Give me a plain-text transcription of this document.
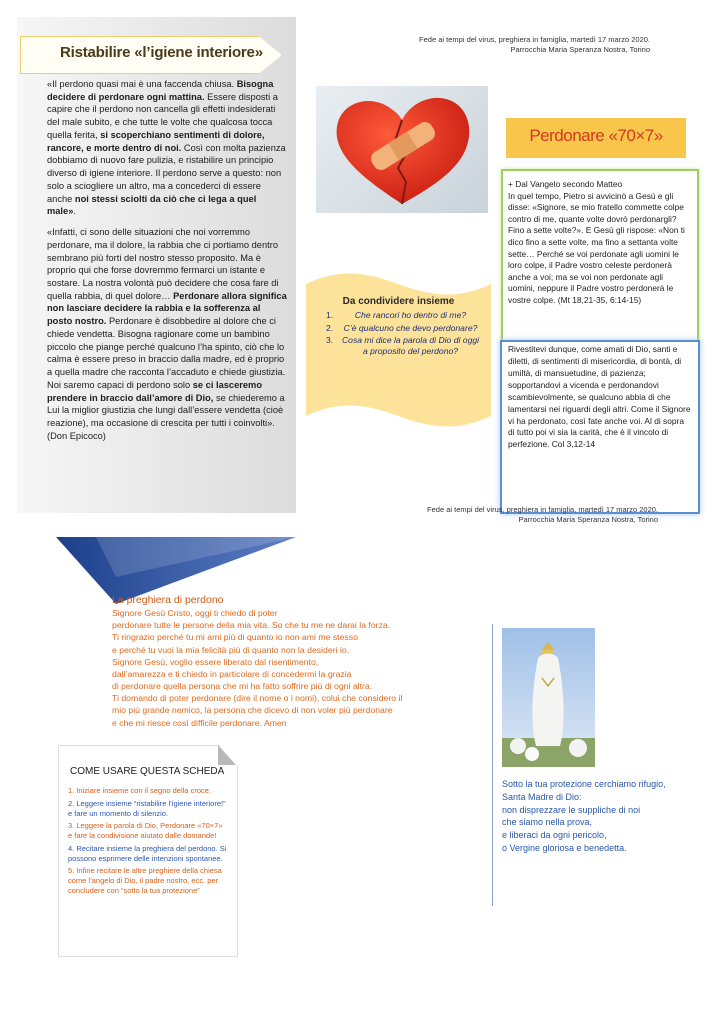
Ristabilire «l’igiene interiore»

«Il perdono quasi mai è una faccenda chiusa. Bisogna decidere di perdonare ogni mattina. Essere disposti a capire che il perdono non cancella gli effetti indesiderati del male subito, e che tutte le volte che qualcosa tocca quella ferita, si scoperchiano sentimenti di dolore, rancore, e morte dentro di noi. Così con molta pazienza dobbiamo di nuovo fare pulizia, e ristabilire un principio diverso di igiene interiore. Il perdono serve a questo: non solo a sciogliere un altro, ma a concederci di essere anche noi stessi sciolti da ciò che ci lega a quel male».

«Infatti, ci sono delle situazioni che noi vorremmo perdonare, ma il dolore, la rabbia che ci portiamo dentro sembrano più forti del nostro stesso proposito. Ma è proprio qui che forse dovremmo fermarci un istante e sostare. La nostra volontà può decidere che cosa fare di quella rabbia, di quel dolore… Perdonare allora significa non lasciare decidere la rabbia e la sofferenza al posto nostro. Perdonare è disobbedire al dolore che ci chiede vendetta. Bisogna ragionare come un bambino piccolo che piange perché qualcuno l’ha spinto, ciò che lo calma è essere preso in braccio dalla madre, ed è proprio a quella madre che racconta l’accaduto e chiede giustizia. Noi saremo capaci di perdono solo se ci lasceremo prendere in braccio dall’amore di Dio, se chiederemo a Lui la miglior giustizia che lungi dall’essere vendetta (cioè reazione), ma occasione di crescita per tutti i coinvolti». (Don Epicoco)

Fede ai tempi del virus, preghiera in famiglia, martedì 17 marzo 2020.
Parrocchia Maria Speranza Nostra, Torino
Perdonare «70×7»
+ Dal Vangelo secondo Matteo
In quel tempo, Pietro si avvicinò a Gesù e gli disse: «Signore, se mio fratello commette colpe contro di me, quante volte dovrò perdonargli? Fino a sette volte?». E Gesù gli rispose: «Non ti dico fino a sette volte, ma fino a settanta volte sette… Perché se voi perdonate agli uomini le loro colpe, il Padre vostro celeste perdonerà anche a voi; ma se voi non perdonate agli uomini, neppure il Padre vostro perdonerà le vostre colpe. (Mt 18,21-35, 6:14-15)
Rivestitevi dunque, come amati di Dio, santi e diletti, di sentimenti di misericordia, di bontà, di umiltà, di mansuetudine, di pazienza; sopportandovi a vicenda e perdonandovi scambievolmente, se qualcuno abbia di che lamentarsi nei riguardi degli altri. Come il Signore vi ha perdonato, così fate anche voi. Al di sopra di tutto poi vi sia la carità, che è il vincolo di perfezione. Col 3,12-14
Da condividere insieme
1.	Che rancori ho dentro di me?
2.	C’è qualcuno che devo perdonare?
3.	Cosa mi dice la parola di Dio di oggi a proposito del perdono?
Fede ai tempi del virus, preghiera in famiglia, martedì 17 marzo 2020.
Parrocchia Maria Speranza Nostra, Torino
La preghiera di perdono
Signore Gesù Cristo, oggi ti chiedo di poter
perdonare tutte le persone della mia vita. So che tu me ne darai la forza.
Ti ringrazio perché tu mi ami più di quanto io non ami me stesso
e perché tu vuoi la mia felicità più di quanto non la desideri io.
Signore Gesù, voglio essere liberato dal risentimento,
dall’amarezza e ti chiedo in particolare di concedermi la grazia
di perdonare quella persona che mi ha fatto soffrire più di ogni altra.
Ti domando di poter perdonare (dire il nome o i nomi), colui che considero il
mio più grande nemico, la persona che dicevo di non voler più perdonare
e che mi riesce così difficile perdonare. Amen
COME USARE QUESTA SCHEDA
1. Iniziare insieme con il segno della croce.
2. Leggere insieme “ristabilire l’igiene interiore!” e fare un momento di silenzio.
3. Leggere la parola di Dio, Perdonare «70×7» e fare la condivisione aiutato dalle domande!
4. Recitare insieme la preghiera del perdono. Si possono esprimere delle intenzioni spontanee.
5. Infine recitare le altre preghiere della chiesa come l’angelo di Dio, il padre nostro, ecc. per concludere con “sotto la tua protezione”
Sotto la tua protezione cerchiamo rifugio,
Santa Madre di Dio:
non disprezzare le suppliche di noi
che siamo nella prova,
e liberaci da ogni pericolo,
o Vergine gloriosa e benedetta.
